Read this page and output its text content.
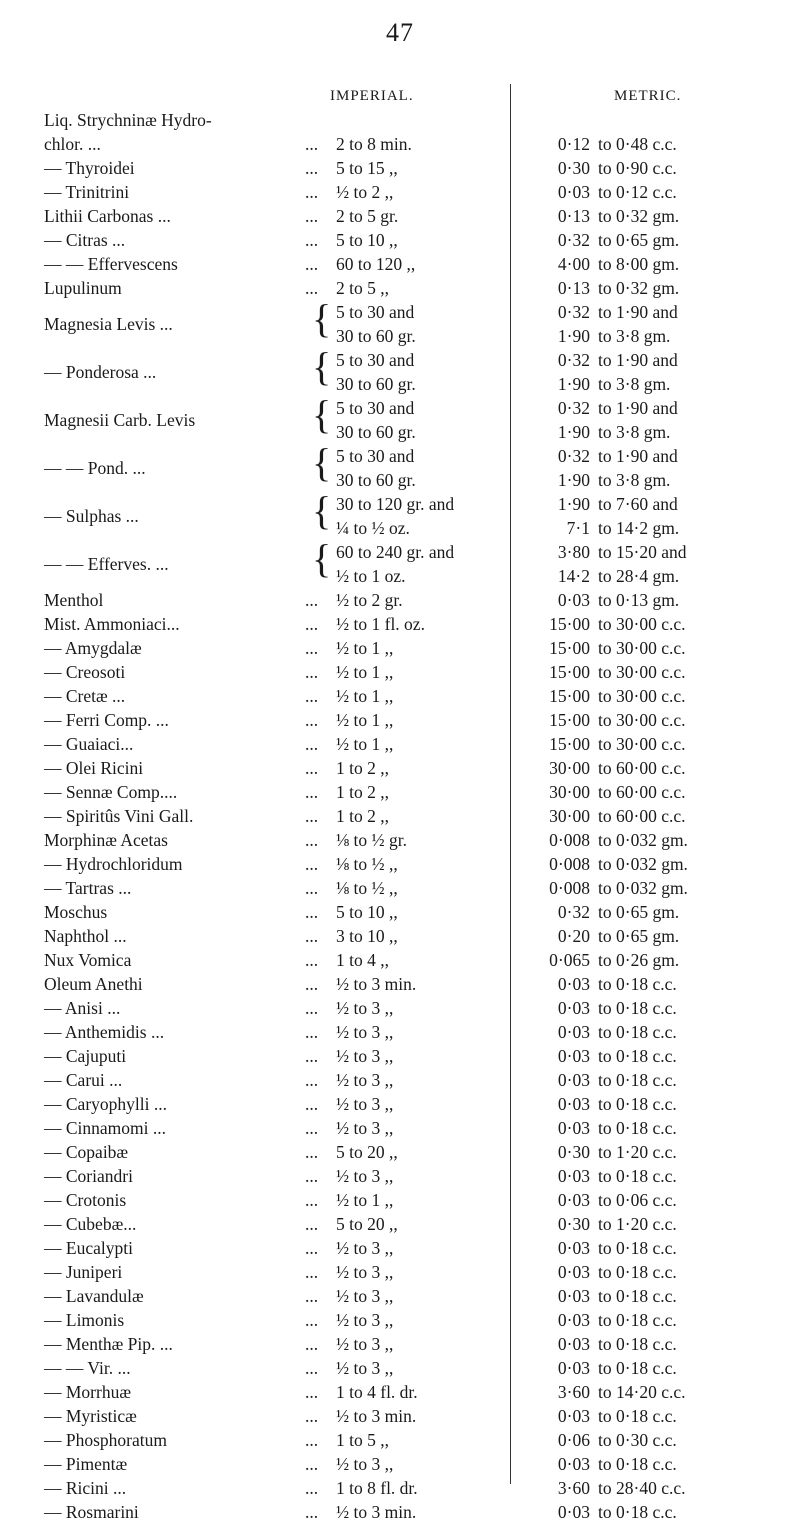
47
IMPERIAL.	METRIC.
Liq. Strychninæ Hydro-
chlor. ...	... 2 to 8 min.	0·12 to 0·48 c.c.
— Thyroidei	... 5 to 15 ,,	0·30 to 0·90 c.c.
— Trinitrini	... ½ to 2 ,,	0·03 to 0·12 c.c.
Lithii Carbonas ...	... 2 to 5 gr.	0·13 to 0·32 gm.
— Citras ...	... 5 to 10 ,,	0·32 to 0·65 gm.
— — Effervescens	... 60 to 120 ,,	4·00 to 8·00 gm.
Lupulinum	... 2 to 5 ,,	0·13 to 0·32 gm.
Magnesia Levis ...	{ 5 to 30 and	0·32 to 1·90 and
30 to 60 gr.	1·90 to 3·8 gm.
— Ponderosa ...	{ 5 to 30 and	0·32 to 1·90 and
30 to 60 gr.	1·90 to 3·8 gm.
Magnesii Carb. Levis	{ 5 to 30 and	0·32 to 1·90 and
30 to 60 gr.	1·90 to 3·8 gm.
— — Pond. ...	{ 5 to 30 and	0·32 to 1·90 and
30 to 60 gr.	1·90 to 3·8 gm.
— Sulphas ...	{ 30 to 120 gr. and	1·90 to 7·60 and
¼ to ½ oz.	7·1 to 14·2 gm.
— — Efferves. ...	{ 60 to 240 gr. and	3·80 to 15·20 and
½ to 1 oz.	14·2 to 28·4 gm.
Menthol	... ½ to 2 gr.	0·03 to 0·13 gm.
Mist. Ammoniaci...	... ½ to 1 fl. oz.	15·00 to 30·00 c.c.
— Amygdalæ	... ½ to 1 ,,	15·00 to 30·00 c.c.
— Creosoti	... ½ to 1 ,,	15·00 to 30·00 c.c.
— Cretæ ...	... ½ to 1 ,,	15·00 to 30·00 c.c.
— Ferri Comp. ...	... ½ to 1 ,,	15·00 to 30·00 c.c.
— Guaiaci...	... ½ to 1 ,,	15·00 to 30·00 c.c.
— Olei Ricini	... 1 to 2 ,,	30·00 to 60·00 c.c.
— Sennæ Comp....	... 1 to 2 ,,	30·00 to 60·00 c.c.
— Spiritûs Vini Gall.	... 1 to 2 ,,	30·00 to 60·00 c.c.
Morphinæ Acetas	... ⅛ to ½ gr.	0·008 to 0·032 gm.
— Hydrochloridum	... ⅛ to ½ ,,	0·008 to 0·032 gm.
— Tartras ...	... ⅛ to ½ ,,	0·008 to 0·032 gm.
Moschus	... 5 to 10 ,,	0·32 to 0·65 gm.
Naphthol ...	... 3 to 10 ,,	0·20 to 0·65 gm.
Nux Vomica	... 1 to 4 ,,	0·065 to 0·26 gm.
Oleum Anethi	... ½ to 3 min.	0·03 to 0·18 c.c.
— Anisi ...	... ½ to 3 ,,	0·03 to 0·18 c.c.
— Anthemidis ...	... ½ to 3 ,,	0·03 to 0·18 c.c.
— Cajuputi	... ½ to 3 ,,	0·03 to 0·18 c.c.
— Carui ...	... ½ to 3 ,,	0·03 to 0·18 c.c.
— Caryophylli ...	... ½ to 3 ,,	0·03 to 0·18 c.c.
— Cinnamomi ...	... ½ to 3 ,,	0·03 to 0·18 c.c.
— Copaibæ	... 5 to 20 ,,	0·30 to 1·20 c.c.
— Coriandri	... ½ to 3 ,,	0·03 to 0·18 c.c.
— Crotonis	... ½ to 1 ,,	0·03 to 0·06 c.c.
— Cubebæ...	... 5 to 20 ,,	0·30 to 1·20 c.c.
— Eucalypti	... ½ to 3 ,,	0·03 to 0·18 c.c.
— Juniperi	... ½ to 3 ,,	0·03 to 0·18 c.c.
— Lavandulæ	... ½ to 3 ,,	0·03 to 0·18 c.c.
— Limonis	... ½ to 3 ,,	0·03 to 0·18 c.c.
— Menthæ Pip. ...	... ½ to 3 ,,	0·03 to 0·18 c.c.
— — Vir. ...	... ½ to 3 ,,	0·03 to 0·18 c.c.
— Morrhuæ	... 1 to 4 fl. dr.	3·60 to 14·20 c.c.
— Myristicæ	... ½ to 3 min.	0·03 to 0·18 c.c.
— Phosphoratum	... 1 to 5 ,,	0·06 to 0·30 c.c.
— Pimentæ	... ½ to 3 ,,	0·03 to 0·18 c.c.
— Ricini ...	... 1 to 8 fl. dr.	3·60 to 28·40 c.c.
— Rosmarini	... ½ to 3 min.	0·03 to 0·18 c.c.
